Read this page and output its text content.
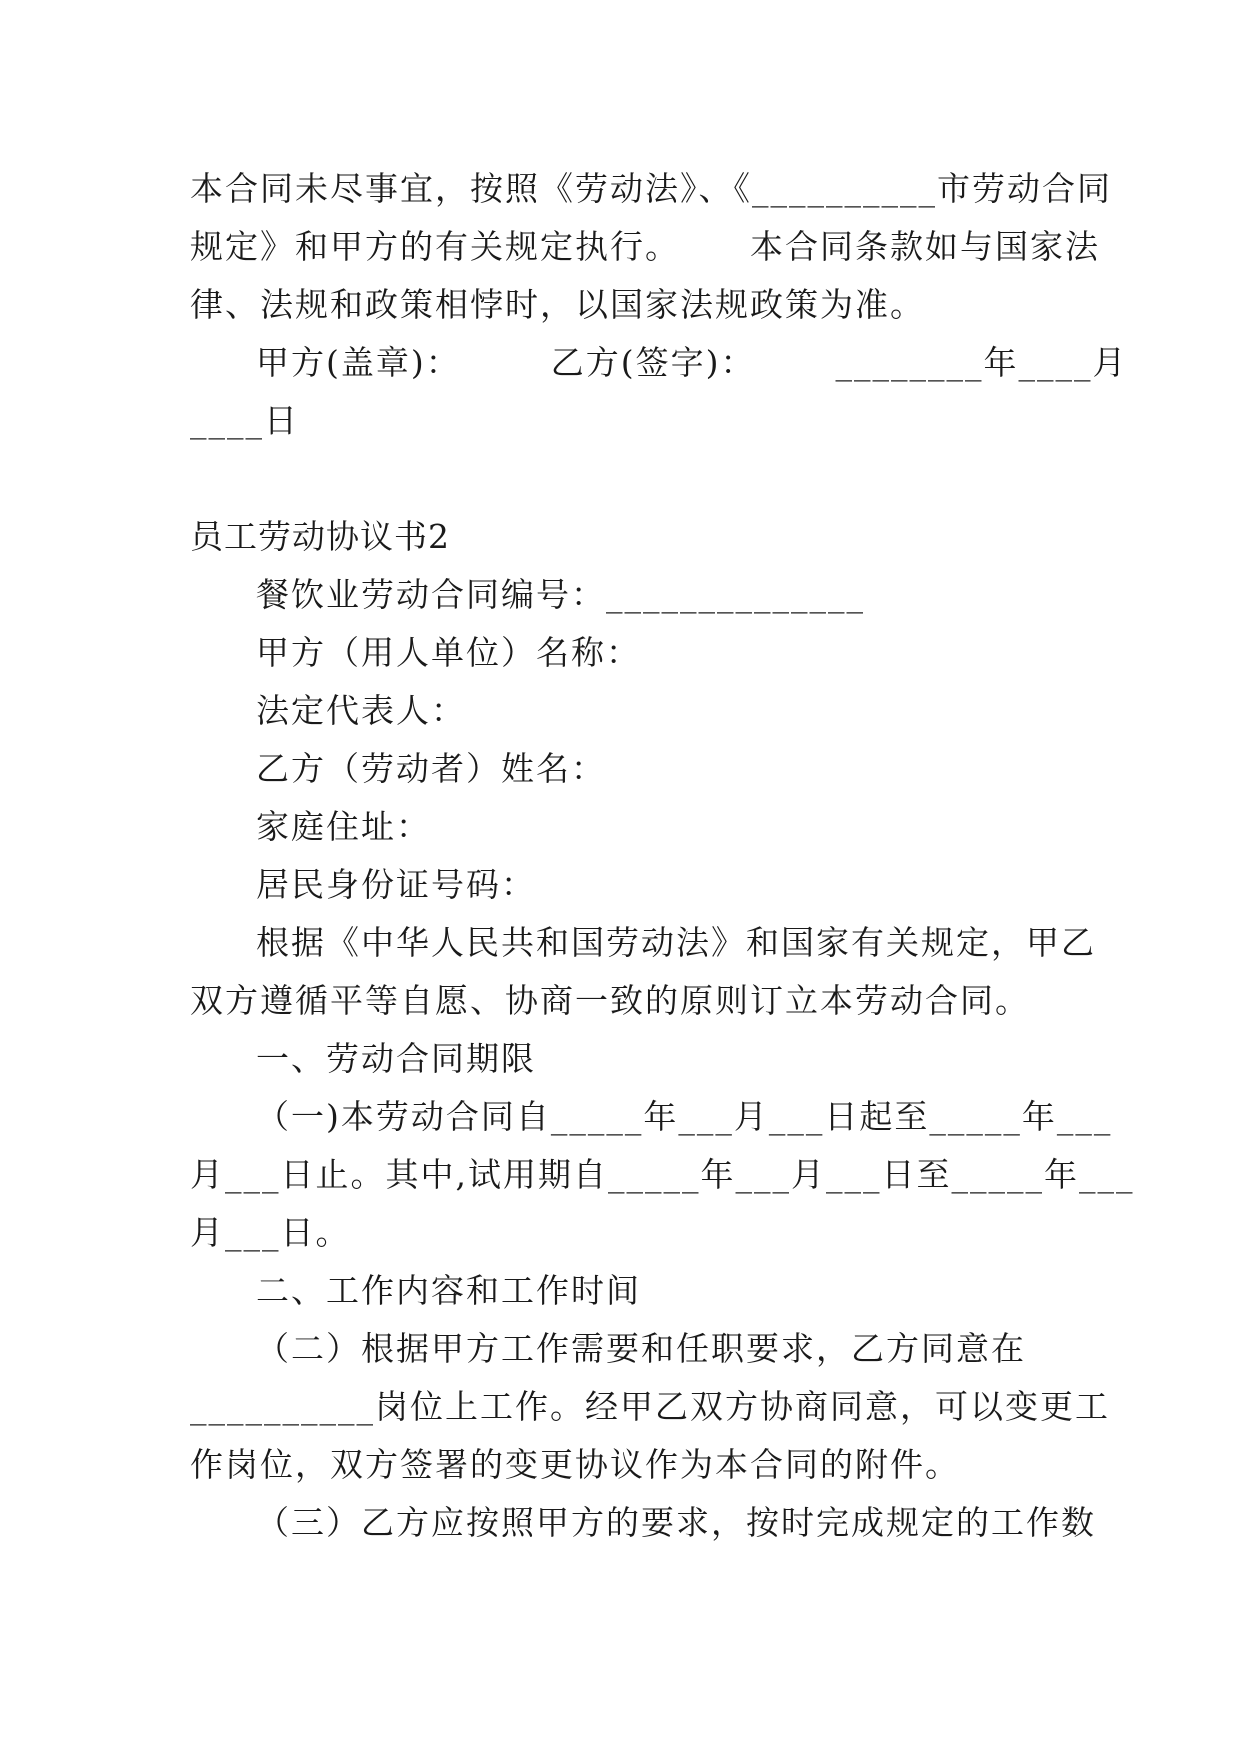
本合同未尽事宜，按照《劳动法》、《__________市劳动合同
规定》和甲方的有关规定执行。 本合同条款如与国家法
律、法规和政策相悖时，以国家法规政策为准。
甲方(盖章)：	乙方(签字)： ________年____月
____日
员工劳动协议书2
餐饮业劳动合同编号：______________
甲方（用人单位）名称：
法定代表人：
乙方（劳动者）姓名：
家庭住址：
居民身份证号码：
根据《中华人民共和国劳动法》和国家有关规定，甲乙
双方遵循平等自愿、协商一致的原则订立本劳动合同。
一、劳动合同期限
（一)本劳动合同自_____年___月___日起至_____年___
月___日止。其中,试用期自_____年___月___日至_____年___
月___日。
二、工作内容和工作时间
（二）根据甲方工作需要和任职要求，乙方同意在
__________岗位上工作。经甲乙双方协商同意，可以变更工
作岗位，双方签署的变更协议作为本合同的附件。
（三）乙方应按照甲方的要求，按时完成规定的工作数
